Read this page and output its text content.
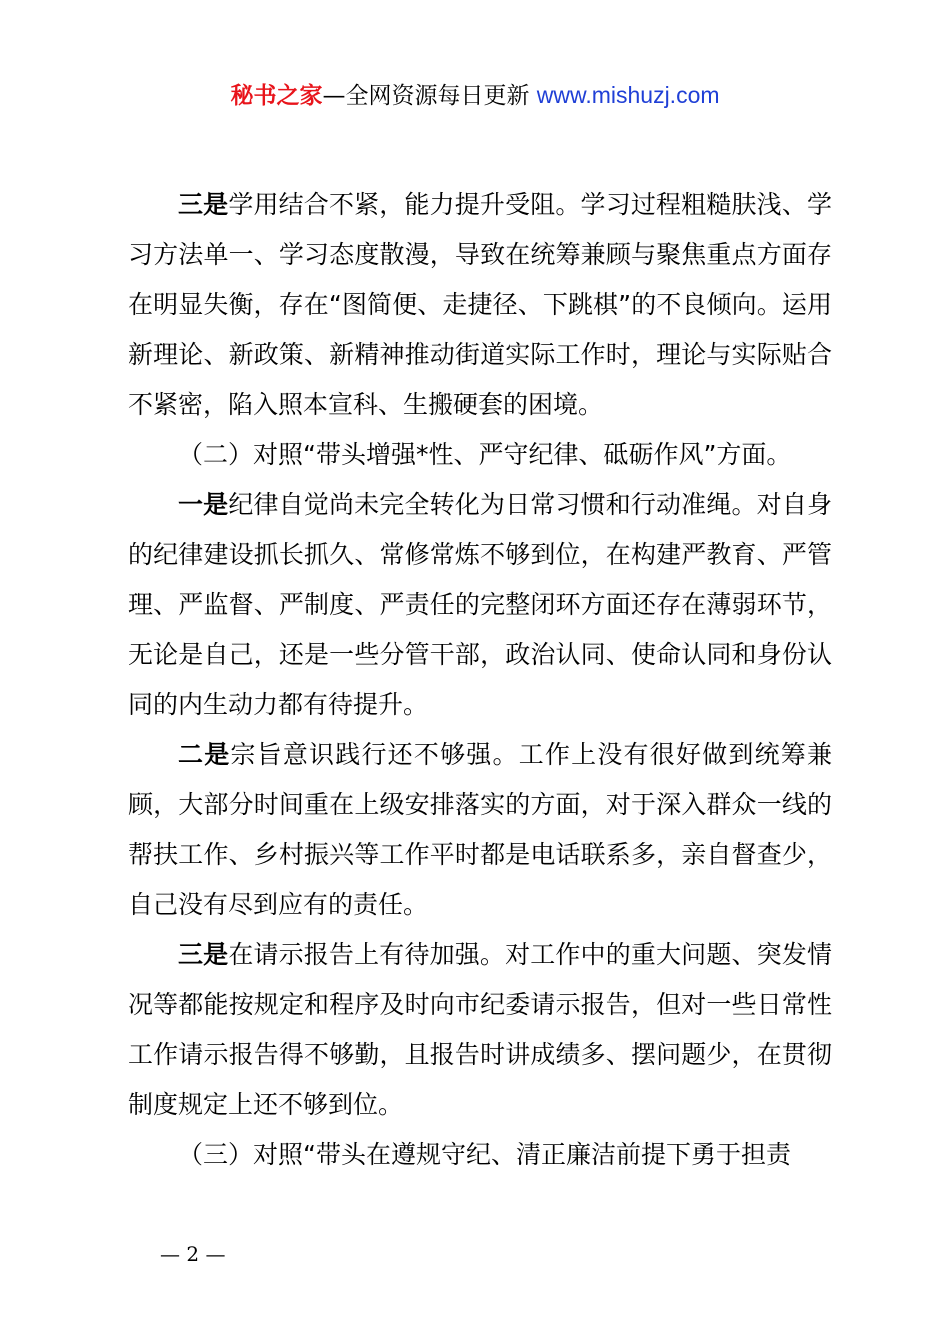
秘书之家—全网资源每日更新 www.mishuzj.com

三是学用结合不紧，能力提升受阻。学习过程粗糙肤浅、学习方法单一、学习态度散漫，导致在统筹兼顾与聚焦重点方面存在明显失衡，存在“图简便、走捷径、下跳棋”的不良倾向。运用新理论、新政策、新精神推动街道实际工作时，理论与实际贴合不紧密，陷入照本宣科、生搬硬套的困境。

（二）对照“带头增强*性、严守纪律、砥砺作风”方面。

一是纪律自觉尚未完全转化为日常习惯和行动准绳。对自身的纪律建设抓长抓久、常修常炼不够到位，在构建严教育、严管理、严监督、严制度、严责任的完整闭环方面还存在薄弱环节，无论是自己，还是一些分管干部，政治认同、使命认同和身份认同的内生动力都有待提升。

二是宗旨意识践行还不够强。工作上没有很好做到统筹兼顾，大部分时间重在上级安排落实的方面，对于深入群众一线的帮扶工作、乡村振兴等工作平时都是电话联系多，亲自督查少，自己没有尽到应有的责任。

三是在请示报告上有待加强。对工作中的重大问题、突发情况等都能按规定和程序及时向市纪委请示报告，但对一些日常性工作请示报告得不够勤，且报告时讲成绩多、摆问题少，在贯彻制度规定上还不够到位。

（三）对照“带头在遵规守纪、清正廉洁前提下勇于担责

— 2 —
